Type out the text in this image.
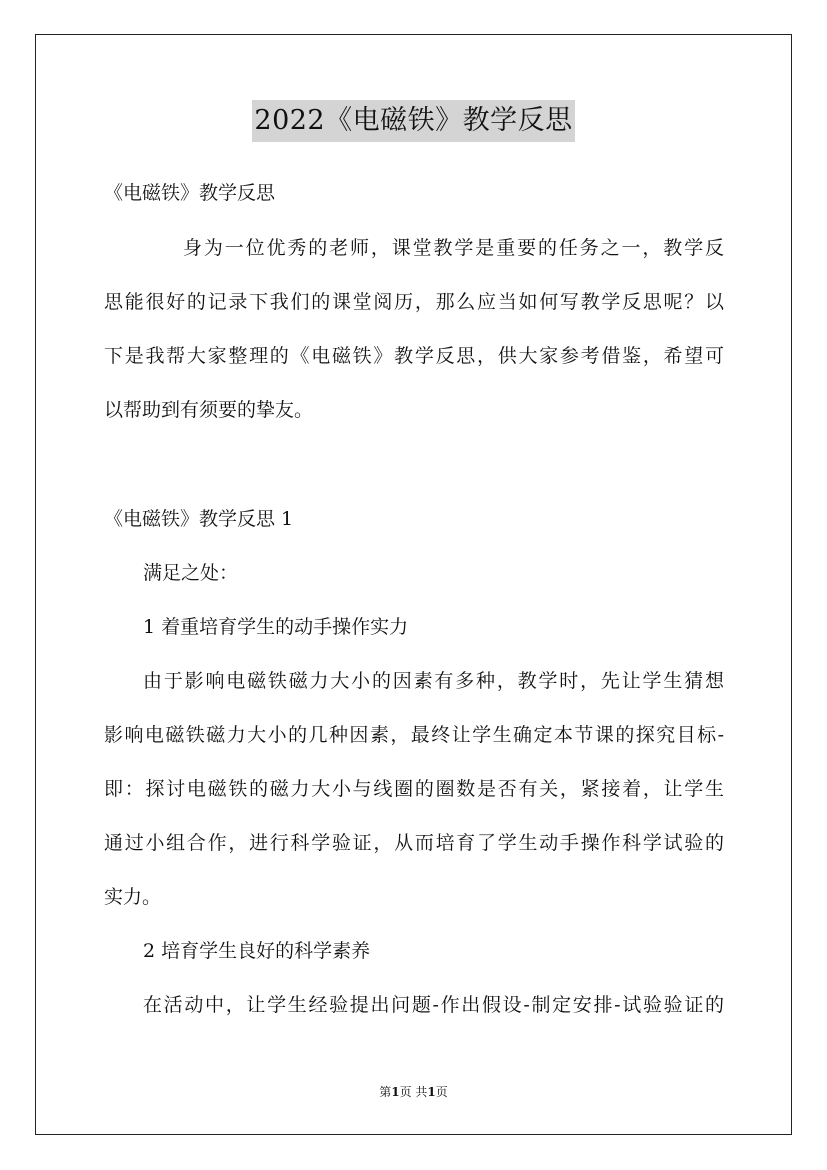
2022《电磁铁》教学反思
《电磁铁》教学反思
身为一位优秀的老师，课堂教学是重要的任务之一，教学反
思能很好的记录下我们的课堂阅历，那么应当如何写教学反思呢？以
下是我帮大家整理的《电磁铁》教学反思，供大家参考借鉴，希望可
以帮助到有须要的挚友。
《电磁铁》教学反思 1
满足之处：
1 着重培育学生的动手操作实力
由于影响电磁铁磁力大小的因素有多种，教学时，先让学生猜想
影响电磁铁磁力大小的几种因素，最终让学生确定本节课的探究目标-
即：探讨电磁铁的磁力大小与线圈的圈数是否有关，紧接着，让学生
通过小组合作，进行科学验证，从而培育了学生动手操作科学试验的
实力。
2 培育学生良好的科学素养
在活动中，让学生经验提出问题-作出假设-制定安排-试验验证的
第1页 共1页
